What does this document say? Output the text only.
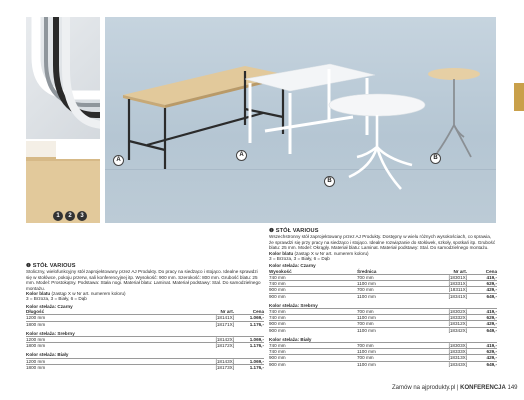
1	2	3
A
A
B
B
❶ STÓŁ VARIOUS
Stoliczny, wielofunkcyjny stół zaprojektowany przez AJ Produkty. Do pracy na siedząco i stojąco. Idealne sprawdzi się w stołówce, pokoju przerw, sali konferencyjnej itp. Wysokość: 900 mm. Szerokość: 800 mm. Grubość blatu: 25 mm. Model: Prostokątny. Podstawa: Stała nogi. Materiał blatu: Laminat. Materiał podstawy: Stal. Do samodzielnego montażu.
Kolor blatu (zastąp X w Nr art. numerem koloru)
3 = Brzoza, 3 = Biały, 6 = Dąb
Kolor stelaża: Czarny
Długość	Nr art.	Cena
1200 mm	[18141X]	1.069,-
1800 mm	[18171X]	1.176,-
Kolor stelaża: Srebrny		
1200 mm	[18142X]	1.069,-
1800 mm	[18172X]	1.176,-
Kolor stelaża: Biały		
1200 mm	[18143X]	1.069,-
1800 mm	[18173X]	1.176,-
❶ STÓŁ VARIOUS
Wszechstronny stół zaprojektowany przez AJ Produkty. Dostępny w wielu różnych wysokościach, co sprawia, że sprawdzi się przy pracy na siedząco i stojąco. Idealne rozwiązanie do stołówek, szkoły, spotkań itp. Grubość blatu: 25 mm. Model: Okrągły. Materiał blatu: Laminat. Materiał podstawy: Stal. Do samodzielnego montażu.
Kolor blatu (zastąp X w Nr art. numerem koloru)
3 = Brzoza, 3 = Biały, 6 = Dąb
Kolor stelaża: Czarny
Wysokość	Średnica	Nr art.	Cena
740 mm	700 mm	[18301X]	419,-
740 mm	1100 mm	[18331X]	629,-
900 mm	700 mm	[18311X]	429,-
900 mm	1100 mm	[18341X]	649,-
Kolor stelaża: Srebrny			
740 mm	700 mm	[18302X]	419,-
740 mm	1100 mm	[18332X]	629,-
900 mm	700 mm	[18312X]	429,-
900 mm	1100 mm	[18342X]	649,-
Kolor stelaża: Biały			
740 mm	700 mm	[18303X]	419,-
740 mm	1100 mm	[18333X]	629,-
900 mm	700 mm	[18313X]	429,-
900 mm	1100 mm	[18343X]	649,-
Zamów na ajprodukty.pl | KONFERENCJA 149
